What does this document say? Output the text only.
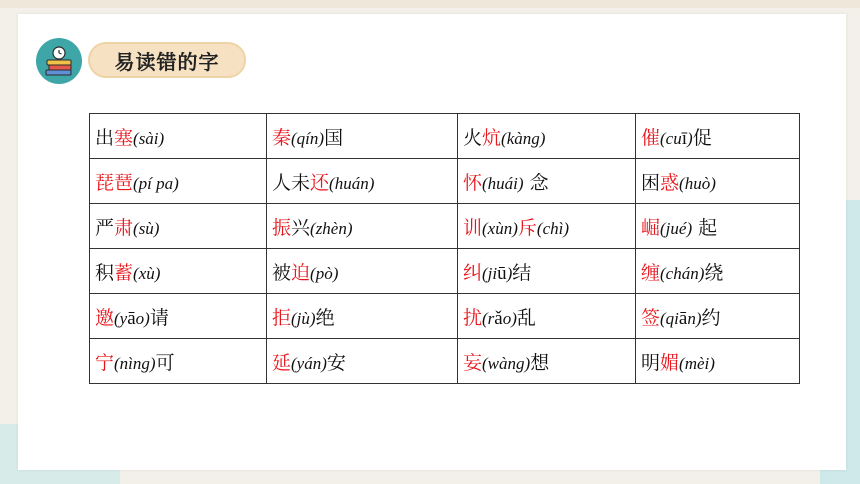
易读错的字
出塞(sài)	秦(qín)国	火炕(kàng)	催(cuī)促
琵琶(pí pa)	人未还(huán)	怀(huái) 念	困惑(huò)
严肃(sù)	振兴(zhèn)	训(xùn)斥(chì)	崛(jué) 起
积蓄(xù)	被迫(pò)	纠(jiū)结	缠(chán)绕
邀(yāo)请	拒(jù)绝	扰(rǎo)乱	签(qiān)约
宁(nìng)可	延(yán)安	妄(wàng)想	明媚(mèi)
